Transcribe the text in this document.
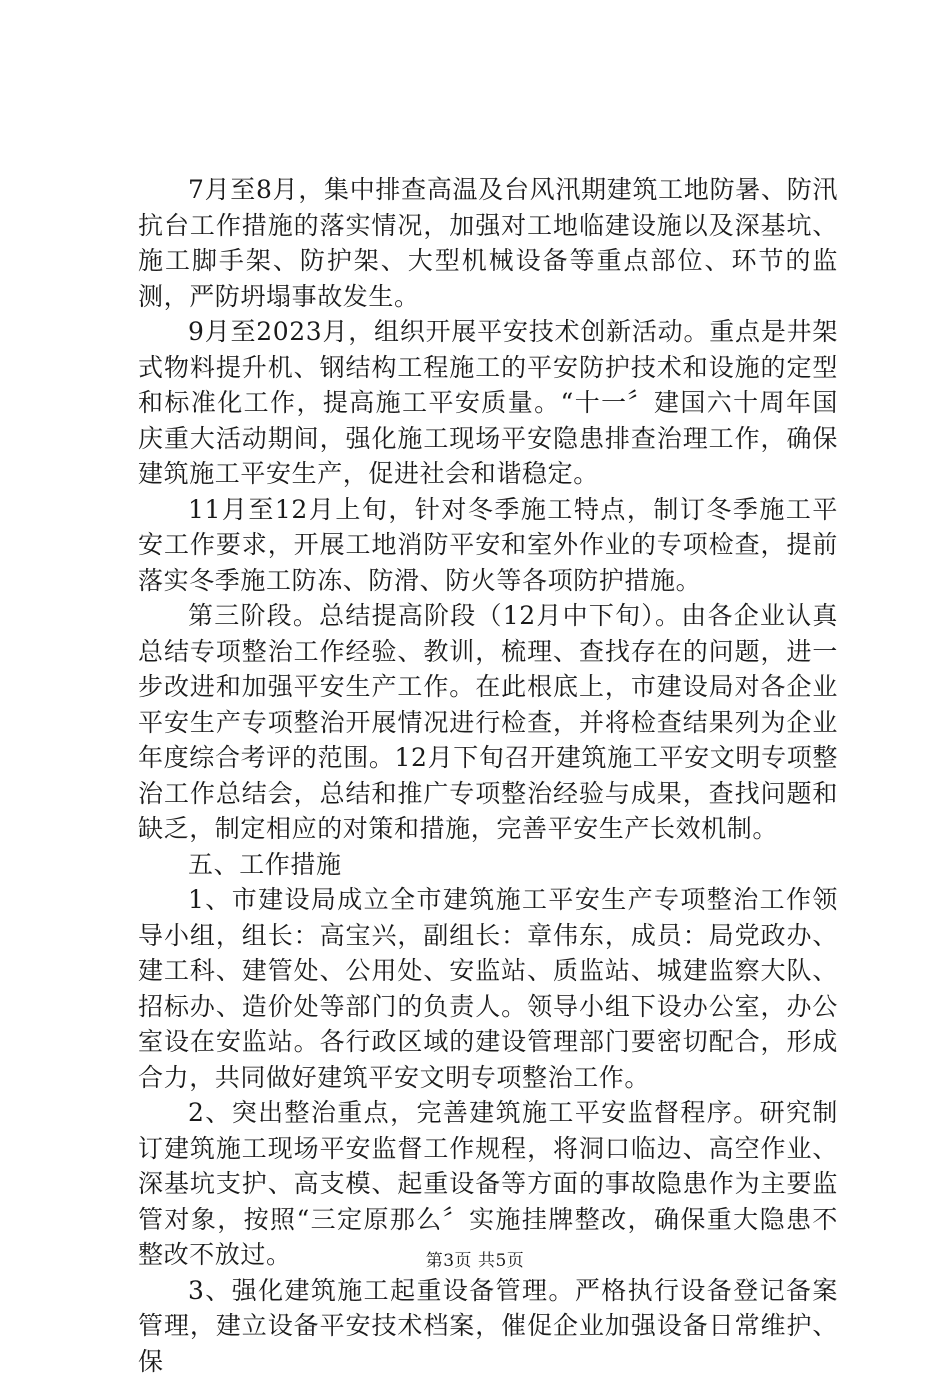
7月至8月，集中排查高温及台风汛期建筑工地防暑、防汛抗台工作措施的落实情况，加强对工地临建设施以及深基坑、施工脚手架、防护架、大型机械设备等重点部位、环节的监测，严防坍塌事故发生。

9月至2023月，组织开展平安技术创新活动。重点是井架式物料提升机、钢结构工程施工的平安防护技术和设施的定型和标准化工作，提高施工平安质量。“十一〞建国六十周年国庆重大活动期间，强化施工现场平安隐患排查治理工作，确保建筑施工平安生产，促进社会和谐稳定。

11月至12月上旬，针对冬季施工特点，制订冬季施工平安工作要求，开展工地消防平安和室外作业的专项检查，提前落实冬季施工防冻、防滑、防火等各项防护措施。

第三阶段。总结提高阶段（12月中下旬）。由各企业认真总结专项整治工作经验、教训，梳理、查找存在的问题，进一步改进和加强平安生产工作。在此根底上，市建设局对各企业平安生产专项整治开展情况进行检查，并将检查结果列为企业年度综合考评的范围。12月下旬召开建筑施工平安文明专项整治工作总结会，总结和推广专项整治经验与成果，查找问题和缺乏，制定相应的对策和措施，完善平安生产长效机制。

五、工作措施

1、市建设局成立全市建筑施工平安生产专项整治工作领导小组，组长：高宝兴，副组长：章伟东，成员：局党政办、建工科、建管处、公用处、安监站、质监站、城建监察大队、招标办、造价处等部门的负责人。领导小组下设办公室，办公室设在安监站。各行政区域的建设管理部门要密切配合，形成合力，共同做好建筑平安文明专项整治工作。

2、突出整治重点，完善建筑施工平安监督程序。研究制订建筑施工现场平安监督工作规程，将洞口临边、高空作业、深基坑支护、高支模、起重设备等方面的事故隐患作为主要监管对象，按照“三定原那么〞实施挂牌整改，确保重大隐患不整改不放过。

3、强化建筑施工起重设备管理。严格执行设备登记备案管理，建立设备平安技术档案，催促企业加强设备日常维护、保

第3页 共5页
